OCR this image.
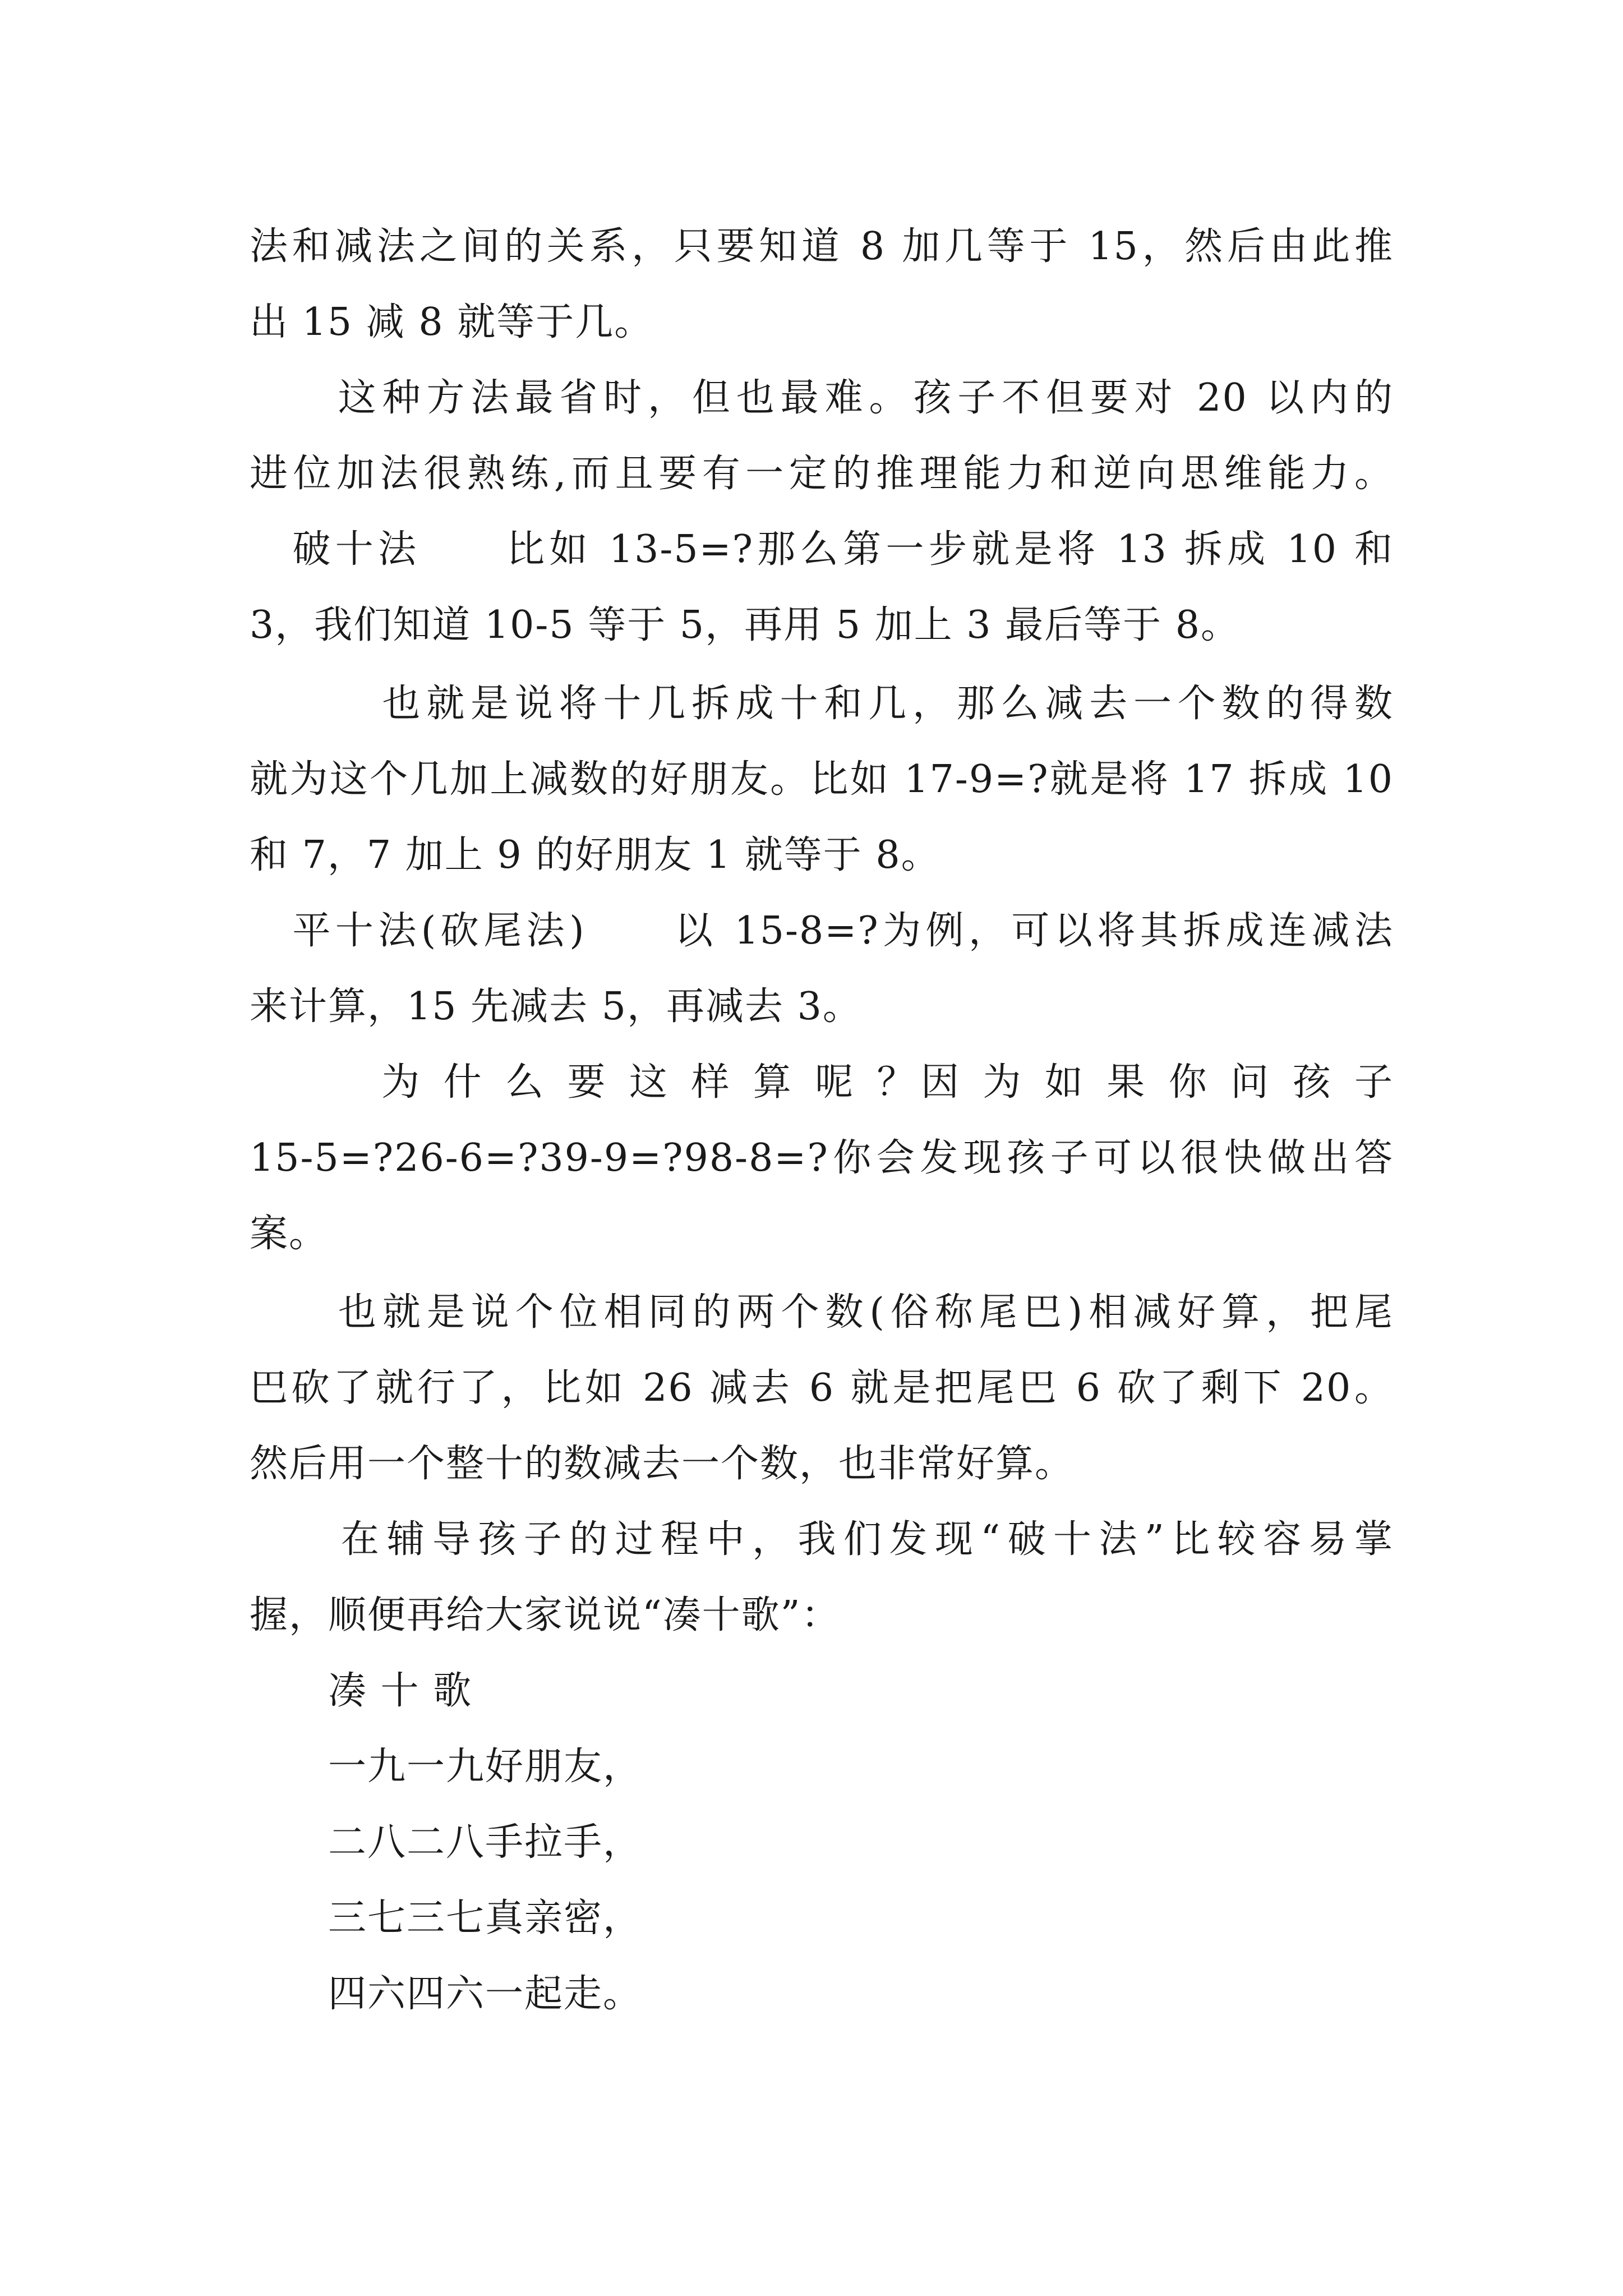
法和减法之间的关系，只要知道 8 加几等于 15，然后由此推
出 15 减 8 就等于几。
　　这种方法最省时，但也最难。孩子不但要对 20 以内的
进位加法很熟练,而且要有一定的推理能力和逆向思维能力。
　破十法　　比如 13-5=?那么第一步就是将 13 拆成 10 和
3，我们知道 10-5 等于 5，再用 5 加上 3 最后等于 8。
　　　也就是说将十几拆成十和几，那么减去一个数的得数
就为这个几加上减数的好朋友。比如 17-9=?就是将 17 拆成 10
和 7，7 加上 9 的好朋友 1 就等于 8。
　平十法(砍尾法)　　以 15-8=?为例，可以将其拆成连减法
来计算，15 先减去 5，再减去 3。
　　　为 什 么 要 这 样 算 呢 ？因 为 如 果 你 问 孩 子
15-5=?26-6=?39-9=?98-8=?你会发现孩子可以很快做出答
案。
　　也就是说个位相同的两个数(俗称尾巴)相减好算，把尾
巴砍了就行了，比如 26 减去 6 就是把尾巴 6 砍了剩下 20。
然后用一个整十的数减去一个数，也非常好算。
　　在辅导孩子的过程中，我们发现“破十法”比较容易掌
握，顺便再给大家说说“凑十歌”：
　　凑 十 歌
　　一九一九好朋友，
　　二八二八手拉手，
　　三七三七真亲密，
　　四六四六一起走。
